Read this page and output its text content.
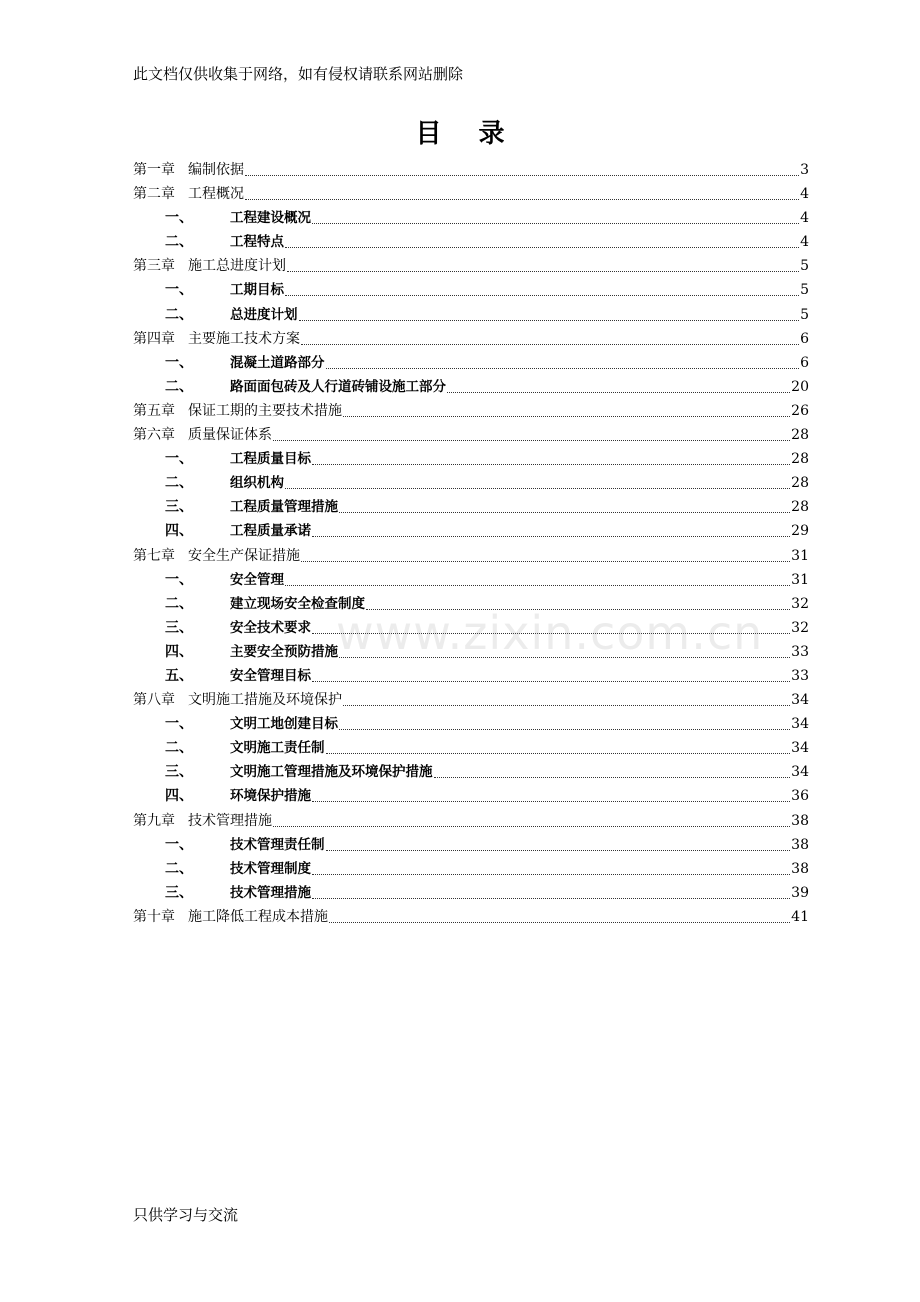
此文档仅供收集于网络，如有侵权请联系网站删除
目 录
第一章 编制依据	3
第二章 工程概况	4
一、	工程建设概况	4
二、	工程特点	4
第三章 施工总进度计划	5
一、	工期目标	5
二、	总进度计划	5
第四章 主要施工技术方案	6
一、	混凝土道路部分	6
二、	路面面包砖及人行道砖铺设施工部分	20
第五章 保证工期的主要技术措施	26
第六章 质量保证体系	28
一、	工程质量目标	28
二、	组织机构	28
三、	工程质量管理措施	28
四、	工程质量承诺	29
第七章 安全生产保证措施	31
一、	安全管理	31
二、	建立现场安全检查制度	32
三、	安全技术要求	32
四、	主要安全预防措施	33
五、	安全管理目标	33
第八章 文明施工措施及环境保护	34
一、	文明工地创建目标	34
二、	文明施工责任制	34
三、	文明施工管理措施及环境保护措施	34
四、	环境保护措施	36
第九章 技术管理措施	38
一、	技术管理责任制	38
二、	技术管理制度	38
三、	技术管理措施	39
第十章 施工降低工程成本措施	41
www.zixin.com.cn
只供学习与交流
